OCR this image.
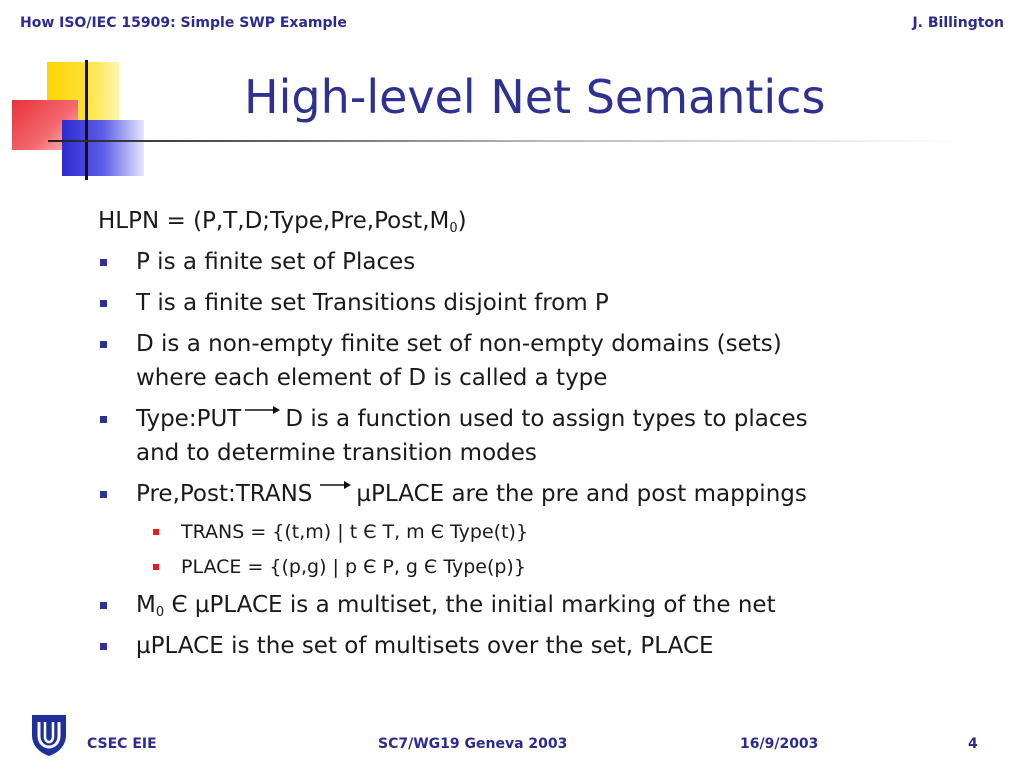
How ISO/IEC 15909: Simple SWP Example	J. Billington
High-level Net Semantics
HLPN = $(P,T,D;Type,Pre,Post,M_0)$
P is a finite set of Places
T is a finite set Transitions disjoint from P
D is a non-empty finite set of non-empty domains (sets)
where each element of D is called a type
Type:PUT D is a function used to assign types to places
and to determine transition modes
Pre,Post:TRANS µPLACE are the pre and post mappings
TRANS = {(t,m) | t Є T, m Є Type(t)}
PLACE = {(p,g) | p Є P, g Є Type(p)}
$M_0$ Є µPLACE is a multiset, the initial marking of the net
µPLACE is the set of multisets over the set, PLACE
CSEC EIE	SC7/WG19 Geneva 2003	16/9/2003	4
